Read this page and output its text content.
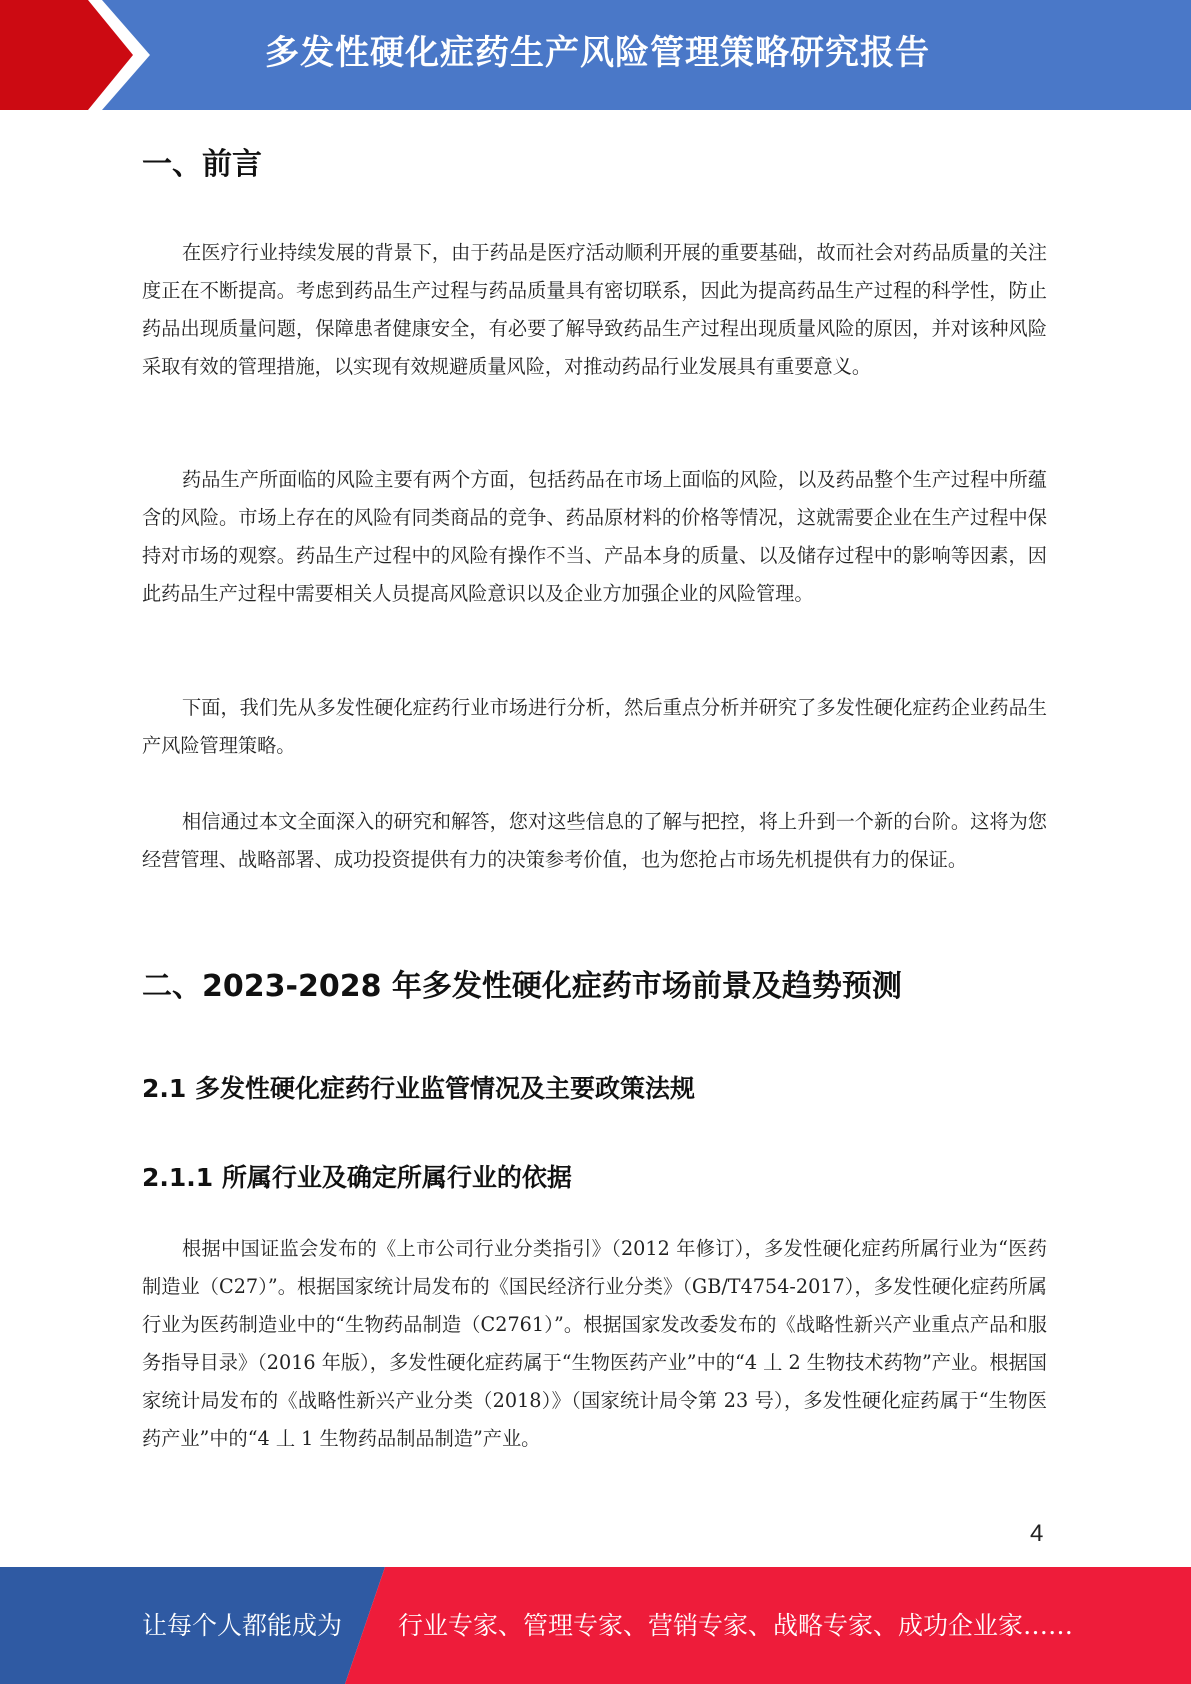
多发性硬化症药生产风险管理策略研究报告
一、前言

在医疗行业持续发展的背景下，由于药品是医疗活动顺利开展的重要基础，故而社会对药品质量的关注度正在不断提高。考虑到药品生产过程与药品质量具有密切联系，因此为提高药品生产过程的科学性，防止药品出现质量问题，保障患者健康安全，有必要了解导致药品生产过程出现质量风险的原因，并对该种风险采取有效的管理措施，以实现有效规避质量风险，对推动药品行业发展具有重要意义。

药品生产所面临的风险主要有两个方面，包括药品在市场上面临的风险，以及药品整个生产过程中所蕴含的风险。市场上存在的风险有同类商品的竞争、药品原材料的价格等情况，这就需要企业在生产过程中保持对市场的观察。药品生产过程中的风险有操作不当、产品本身的质量、以及储存过程中的影响等因素，因此药品生产过程中需要相关人员提高风险意识以及企业方加强企业的风险管理。

下面，我们先从多发性硬化症药行业市场进行分析，然后重点分析并研究了多发性硬化症药企业药品生产风险管理策略。

相信通过本文全面深入的研究和解答，您对这些信息的了解与把控，将上升到一个新的台阶。这将为您经营管理、战略部署、成功投资提供有力的决策参考价值，也为您抢占市场先机提供有力的保证。

二、2023-2028 年多发性硬化症药市场前景及趋势预测
2.1 多发性硬化症药行业监管情况及主要政策法规
2.1.1 所属行业及确定所属行业的依据

根据中国证监会发布的《上市公司行业分类指引》（2012 年修订），多发性硬化症药所属行业为“医药制造业（C27）”。根据国家统计局发布的《国民经济行业分类》（GB/T4754-2017），多发性硬化症药所属行业为医药制造业中的“生物药品制造（C2761）”。根据国家发改委发布的《战略性新兴产业重点产品和服务指导目录》（2016 年版），多发性硬化症药属于“生物医药产业”中的“4 丄 2 生物技术药物”产业。根据国家统计局发布的《战略性新兴产业分类（2018）》（国家统计局令第 23 号），多发性硬化症药属于“生物医药产业”中的“4 丄 1 生物药品制品制造”产业。

4
让每个人都能成为 行业专家、管理专家、营销专家、战略专家、成功企业家……
